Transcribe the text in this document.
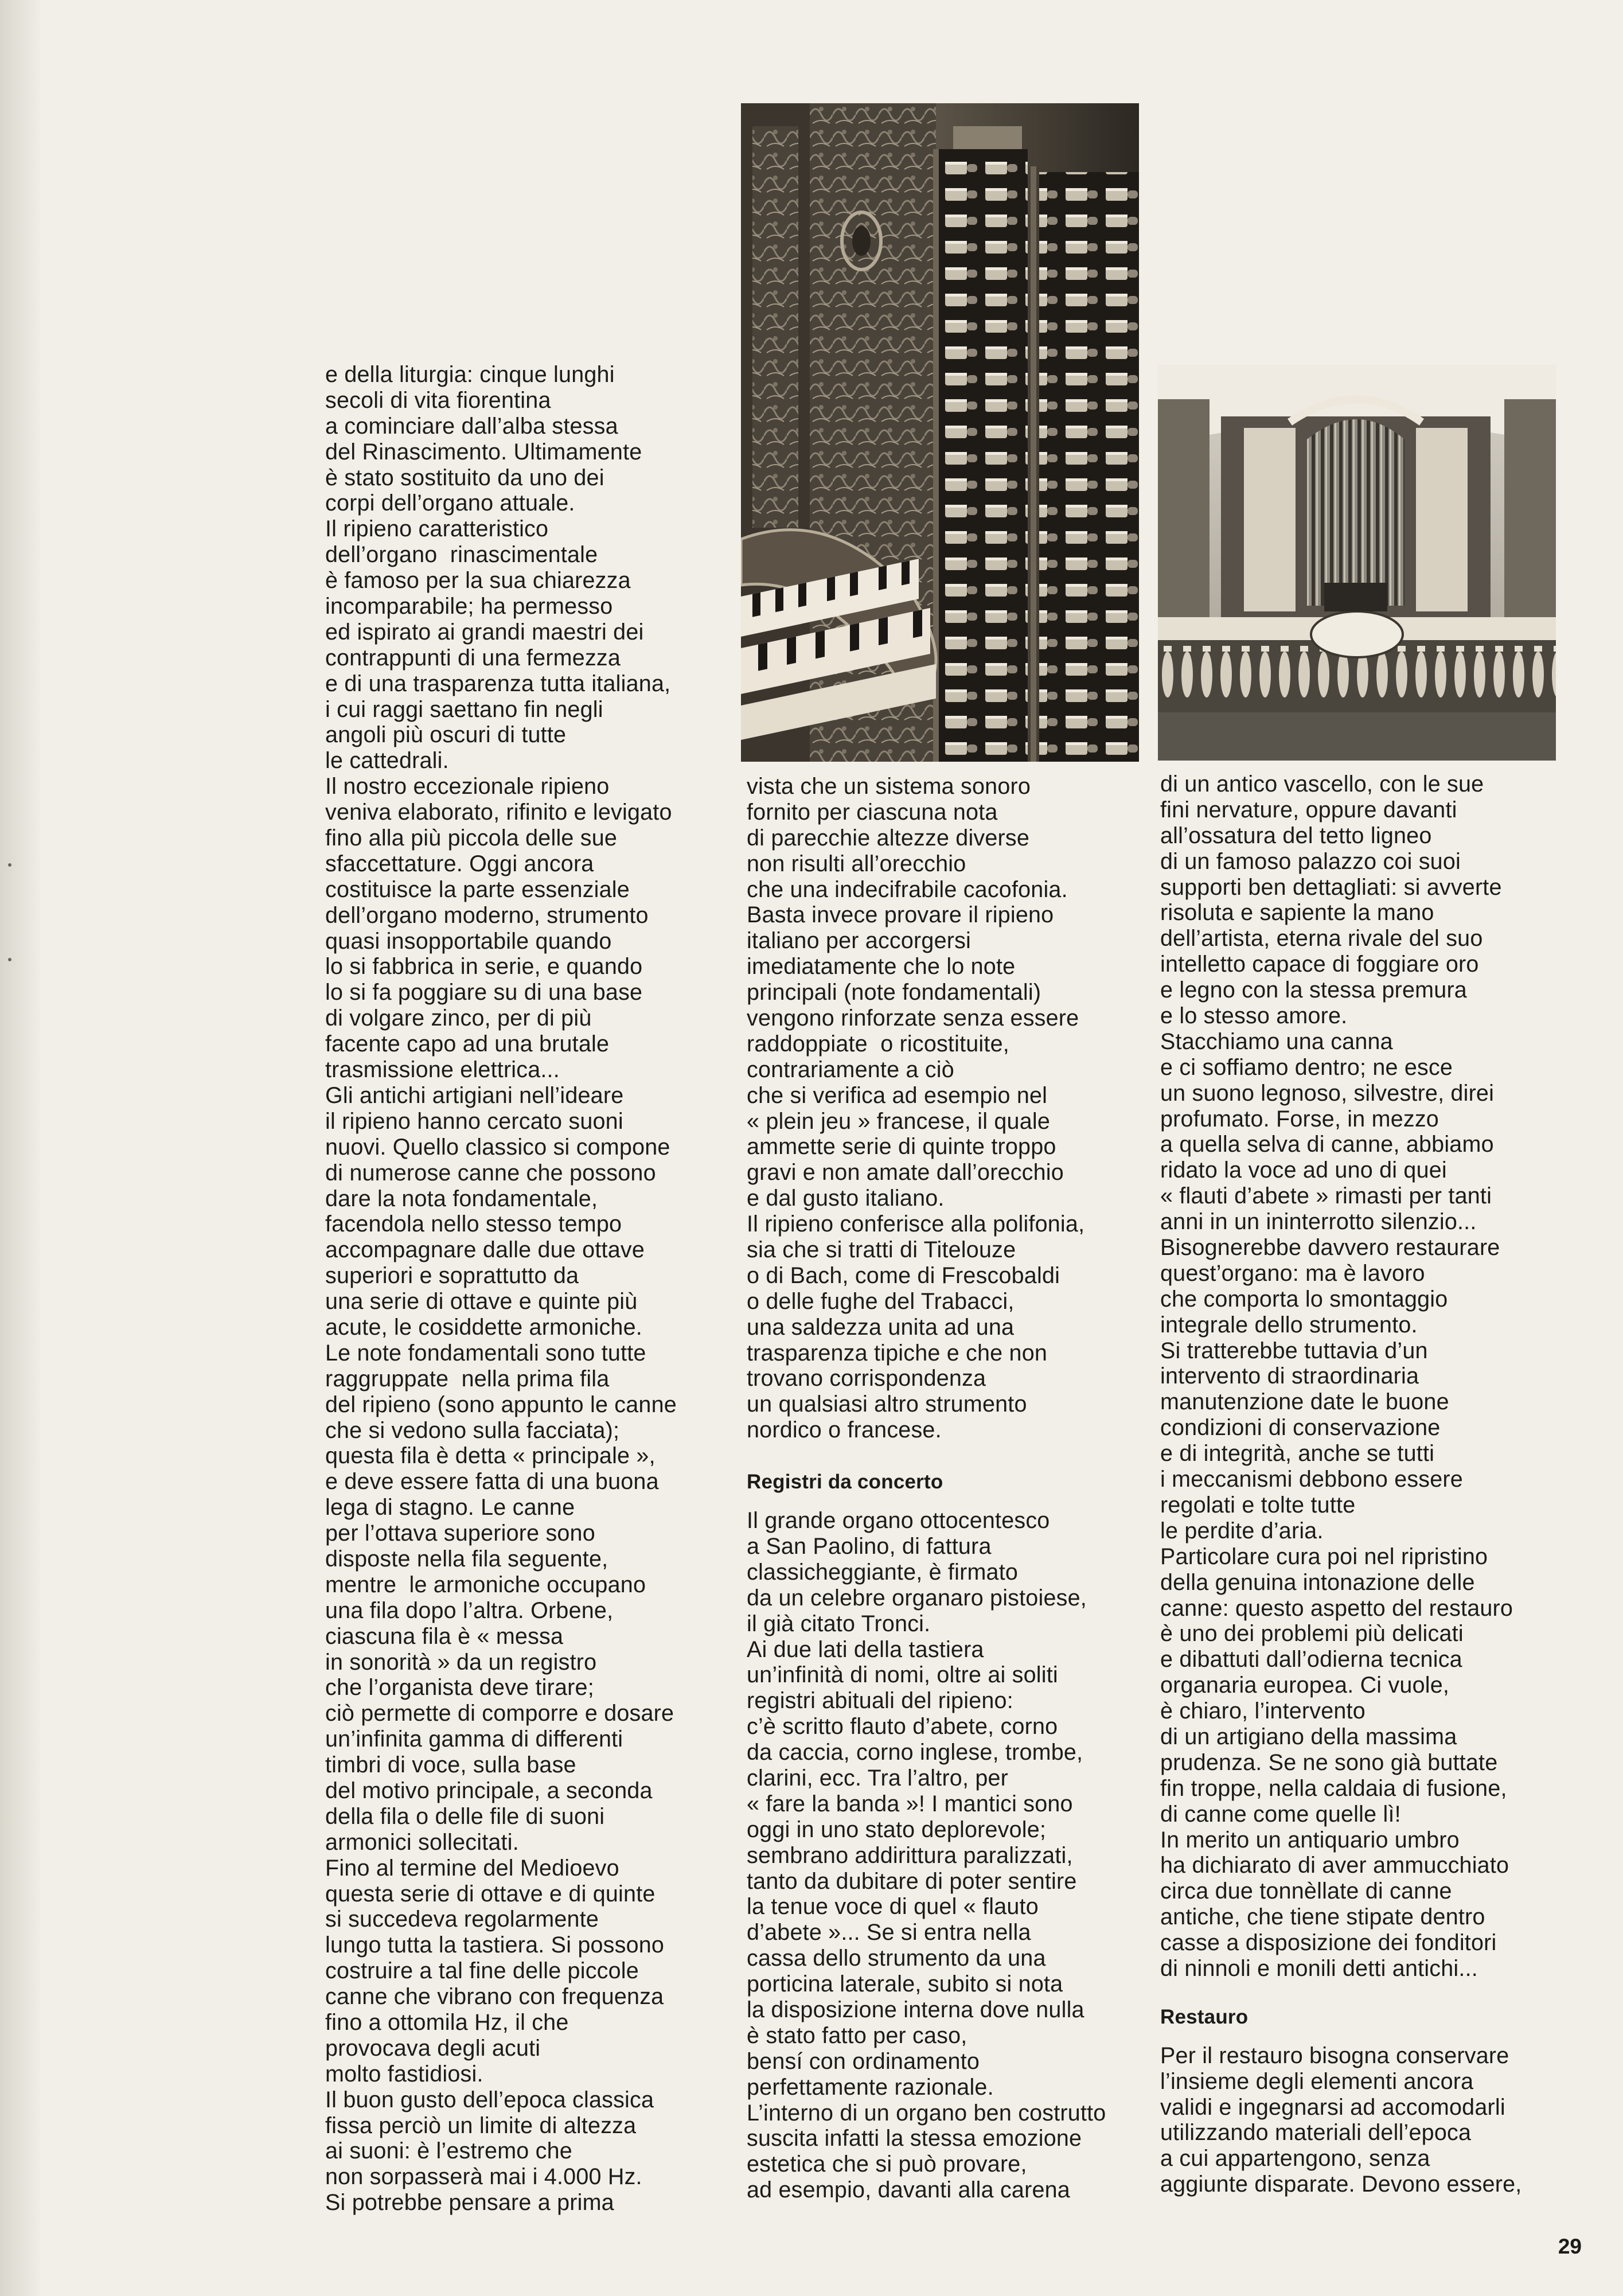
e della liturgia: cinque lunghi
secoli di vita fiorentina
a cominciare dall’alba stessa
del Rinascimento. Ultimamente
è stato sostituito da uno dei
corpi dell’organo attuale.
Il ripieno caratteristico
dell’organo  rinascimentale
è famoso per la sua chiarezza
incomparabile; ha permesso
ed ispirato ai grandi maestri dei
contrappunti di una fermezza
e di una trasparenza tutta italiana,
i cui raggi saettano fin negli
angoli più oscuri di tutte
le cattedrali.
Il nostro eccezionale ripieno
veniva elaborato, rifinito e levigato
fino alla più piccola delle sue
sfaccettature. Oggi ancora
costituisce la parte essenziale
dell’organo moderno, strumento
quasi insopportabile quando
lo si fabbrica in serie, e quando
lo si fa poggiare su di una base
di volgare zinco, per di più
facente capo ad una brutale
trasmissione elettrica...
Gli antichi artigiani nell’ideare
il ripieno hanno cercato suoni
nuovi. Quello classico si compone
di numerose canne che possono
dare la nota fondamentale,
facendola nello stesso tempo
accompagnare dalle due ottave
superiori e soprattutto da
una serie di ottave e quinte più
acute, le cosiddette armoniche.
Le note fondamentali sono tutte
raggruppate  nella prima fila
del ripieno (sono appunto le canne
che si vedono sulla facciata);
questa fila è detta « principale »,
e deve essere fatta di una buona
lega di stagno. Le canne
per l’ottava superiore sono
disposte nella fila seguente,
mentre  le armoniche occupano
una fila dopo l’altra. Orbene,
ciascuna fila è « messa
in sonorità » da un registro
che l’organista deve tirare;
ciò permette di comporre e dosare
un’infinita gamma di differenti
timbri di voce, sulla base
del motivo principale, a seconda
della fila o delle file di suoni
armonici sollecitati.
Fino al termine del Medioevo
questa serie di ottave e di quinte
si succedeva regolarmente
lungo tutta la tastiera. Si possono
costruire a tal fine delle piccole
canne che vibrano con frequenza
fino a ottomila Hz, il che
provocava degli acuti
molto fastidiosi.
Il buon gusto dell’epoca classica
fissa perciò un limite di altezza
ai suoni: è l’estremo che
non sorpasserà mai i 4.000 Hz.
Si potrebbe pensare a prima
vista che un sistema sonoro
fornito per ciascuna nota
di parecchie altezze diverse
non risulti all’orecchio
che una indecifrabile cacofonia.
Basta invece provare il ripieno
italiano per accorgersi
imediatamente che lo note
principali (note fondamentali)
vengono rinforzate senza essere
raddoppiate  o ricostituite,
contrariamente a ciò
che si verifica ad esempio nel
« plein jeu » francese, il quale
ammette serie di quinte troppo
gravi e non amate dall’orecchio
e dal gusto italiano.
Il ripieno conferisce alla polifonia,
sia che si tratti di Titelouze
o di Bach, come di Frescobaldi
o delle fughe del Trabacci,
una saldezza unita ad una
trasparenza tipiche e che non
trovano corrispondenza
un qualsiasi altro strumento
nordico o francese.
Registri da concerto
Il grande organo ottocentesco
a San Paolino, di fattura
classicheggiante, è firmato
da un celebre organaro pistoiese,
il già citato Tronci.
Ai due lati della tastiera
un’infinità di nomi, oltre ai soliti
registri abituali del ripieno:
c’è scritto flauto d’abete, corno
da caccia, corno inglese, trombe,
clarini, ecc. Tra l’altro, per
« fare la banda »! I mantici sono
oggi in uno stato deplorevole;
sembrano addirittura paralizzati,
tanto da dubitare di poter sentire
la tenue voce di quel « flauto
d’abete »... Se si entra nella
cassa dello strumento da una
porticina laterale, subito si nota
la disposizione interna dove nulla
è stato fatto per caso,
bensí con ordinamento
perfettamente razionale.
L’interno di un organo ben costrutto
suscita infatti la stessa emozione
estetica che si può provare,
ad esempio, davanti alla carena
di un antico vascello, con le sue
fini nervature, oppure davanti
all’ossatura del tetto ligneo
di un famoso palazzo coi suoi
supporti ben dettagliati: si avverte
risoluta e sapiente la mano
dell’artista, eterna rivale del suo
intelletto capace di foggiare oro
e legno con la stessa premura
e lo stesso amore.
Stacchiamo una canna
e ci soffiamo dentro; ne esce
un suono legnoso, silvestre, direi
profumato. Forse, in mezzo
a quella selva di canne, abbiamo
ridato la voce ad uno di quei
« flauti d’abete » rimasti per tanti
anni in un ininterrotto silenzio...
Bisognerebbe davvero restaurare
quest’organo: ma è lavoro
che comporta lo smontaggio
integrale dello strumento.
Si tratterebbe tuttavia d’un
intervento di straordinaria
manutenzione date le buone
condizioni di conservazione
e di integrità, anche se tutti
i meccanismi debbono essere
regolati e tolte tutte
le perdite d’aria.
Particolare cura poi nel ripristino
della genuina intonazione delle
canne: questo aspetto del restauro
è uno dei problemi più delicati
e dibattuti dall’odierna tecnica
organaria europea. Ci vuole,
è chiaro, l’intervento
di un artigiano della massima
prudenza. Se ne sono già buttate
fin troppe, nella caldaia di fusione,
di canne come quelle lì!
In merito un antiquario umbro
ha dichiarato di aver ammucchiato
circa due tonnèllate di canne
antiche, che tiene stipate dentro
casse a disposizione dei fonditori
di ninnoli e monili detti antichi...
Restauro
Per il restauro bisogna conservare
l’insieme degli elementi ancora
validi e ingegnarsi ad accomodarli
utilizzando materiali dell’epoca
a cui appartengono, senza
aggiunte disparate. Devono essere,
29
